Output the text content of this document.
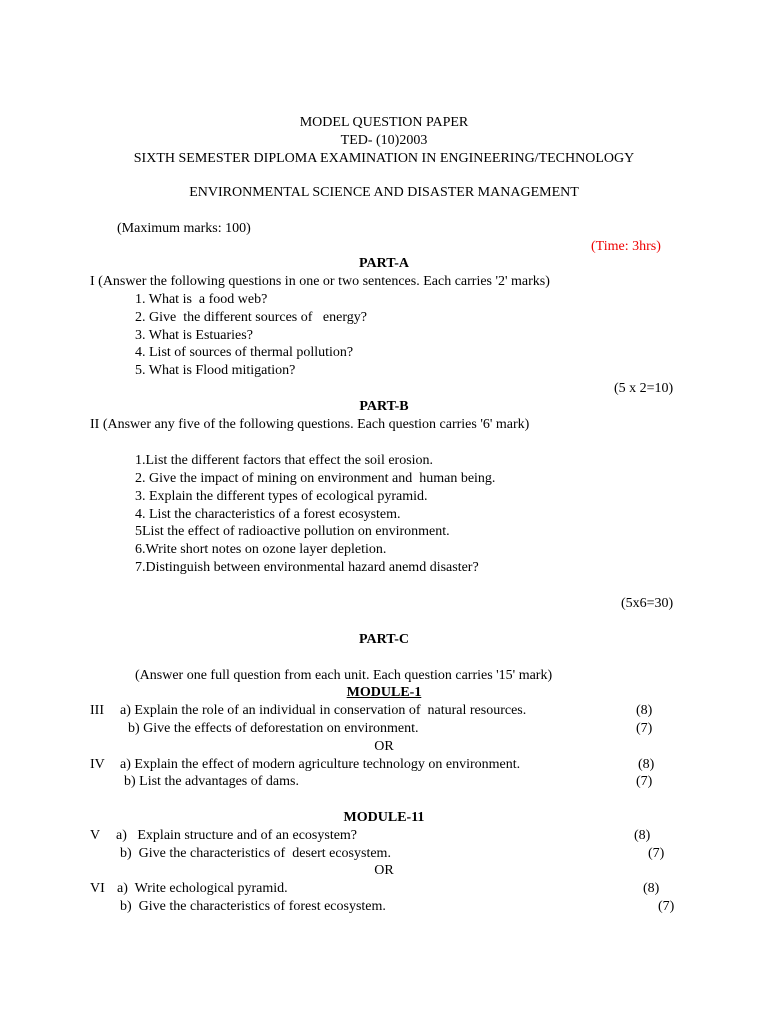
MODEL QUESTION PAPER
TED- (10)2003
SIXTH SEMESTER DIPLOMA EXAMINATION IN ENGINEERING/TECHNOLOGY
ENVIRONMENTAL SCIENCE AND DISASTER MANAGEMENT
(Maximum marks: 100)
(Time: 3hrs)
PART-A
I (Answer the following questions in one or two sentences. Each carries '2' marks)
1. What is  a food web?
2. Give  the different sources of   energy?
3. What is Estuaries?
4. List of sources of thermal pollution?
5. What is Flood mitigation?
(5 x 2=10)
PART-B
II (Answer any five of the following questions. Each question carries '6' mark)
1.List the different factors that effect the soil erosion.
2. Give the impact of mining on environment and  human being.
3. Explain the different types of ecological pyramid.
4. List the characteristics of a forest ecosystem.
5List the effect of radioactive pollution on environment.
6.Write short notes on ozone layer depletion.
7.Distinguish between environmental hazard anemd disaster?
(5x6=30)
PART-C
(Answer one full question from each unit. Each question carries '15' mark)
MODULE-1
III a) Explain the role of an individual in conservation of  natural resources.	(8)
b) Give the effects of deforestation on environment.	(7)
OR
IV a) Explain the effect of modern agriculture technology on environment.	(8)
b) List the advantages of dams.	(7)
MODULE-11
V a)   Explain structure and of an ecosystem?	(8)
b)  Give the characteristics of  desert ecosystem.	(7)
OR
VI a)  Write echological pyramid.	(8)
b)  Give the characteristics of forest ecosystem.	(7)
